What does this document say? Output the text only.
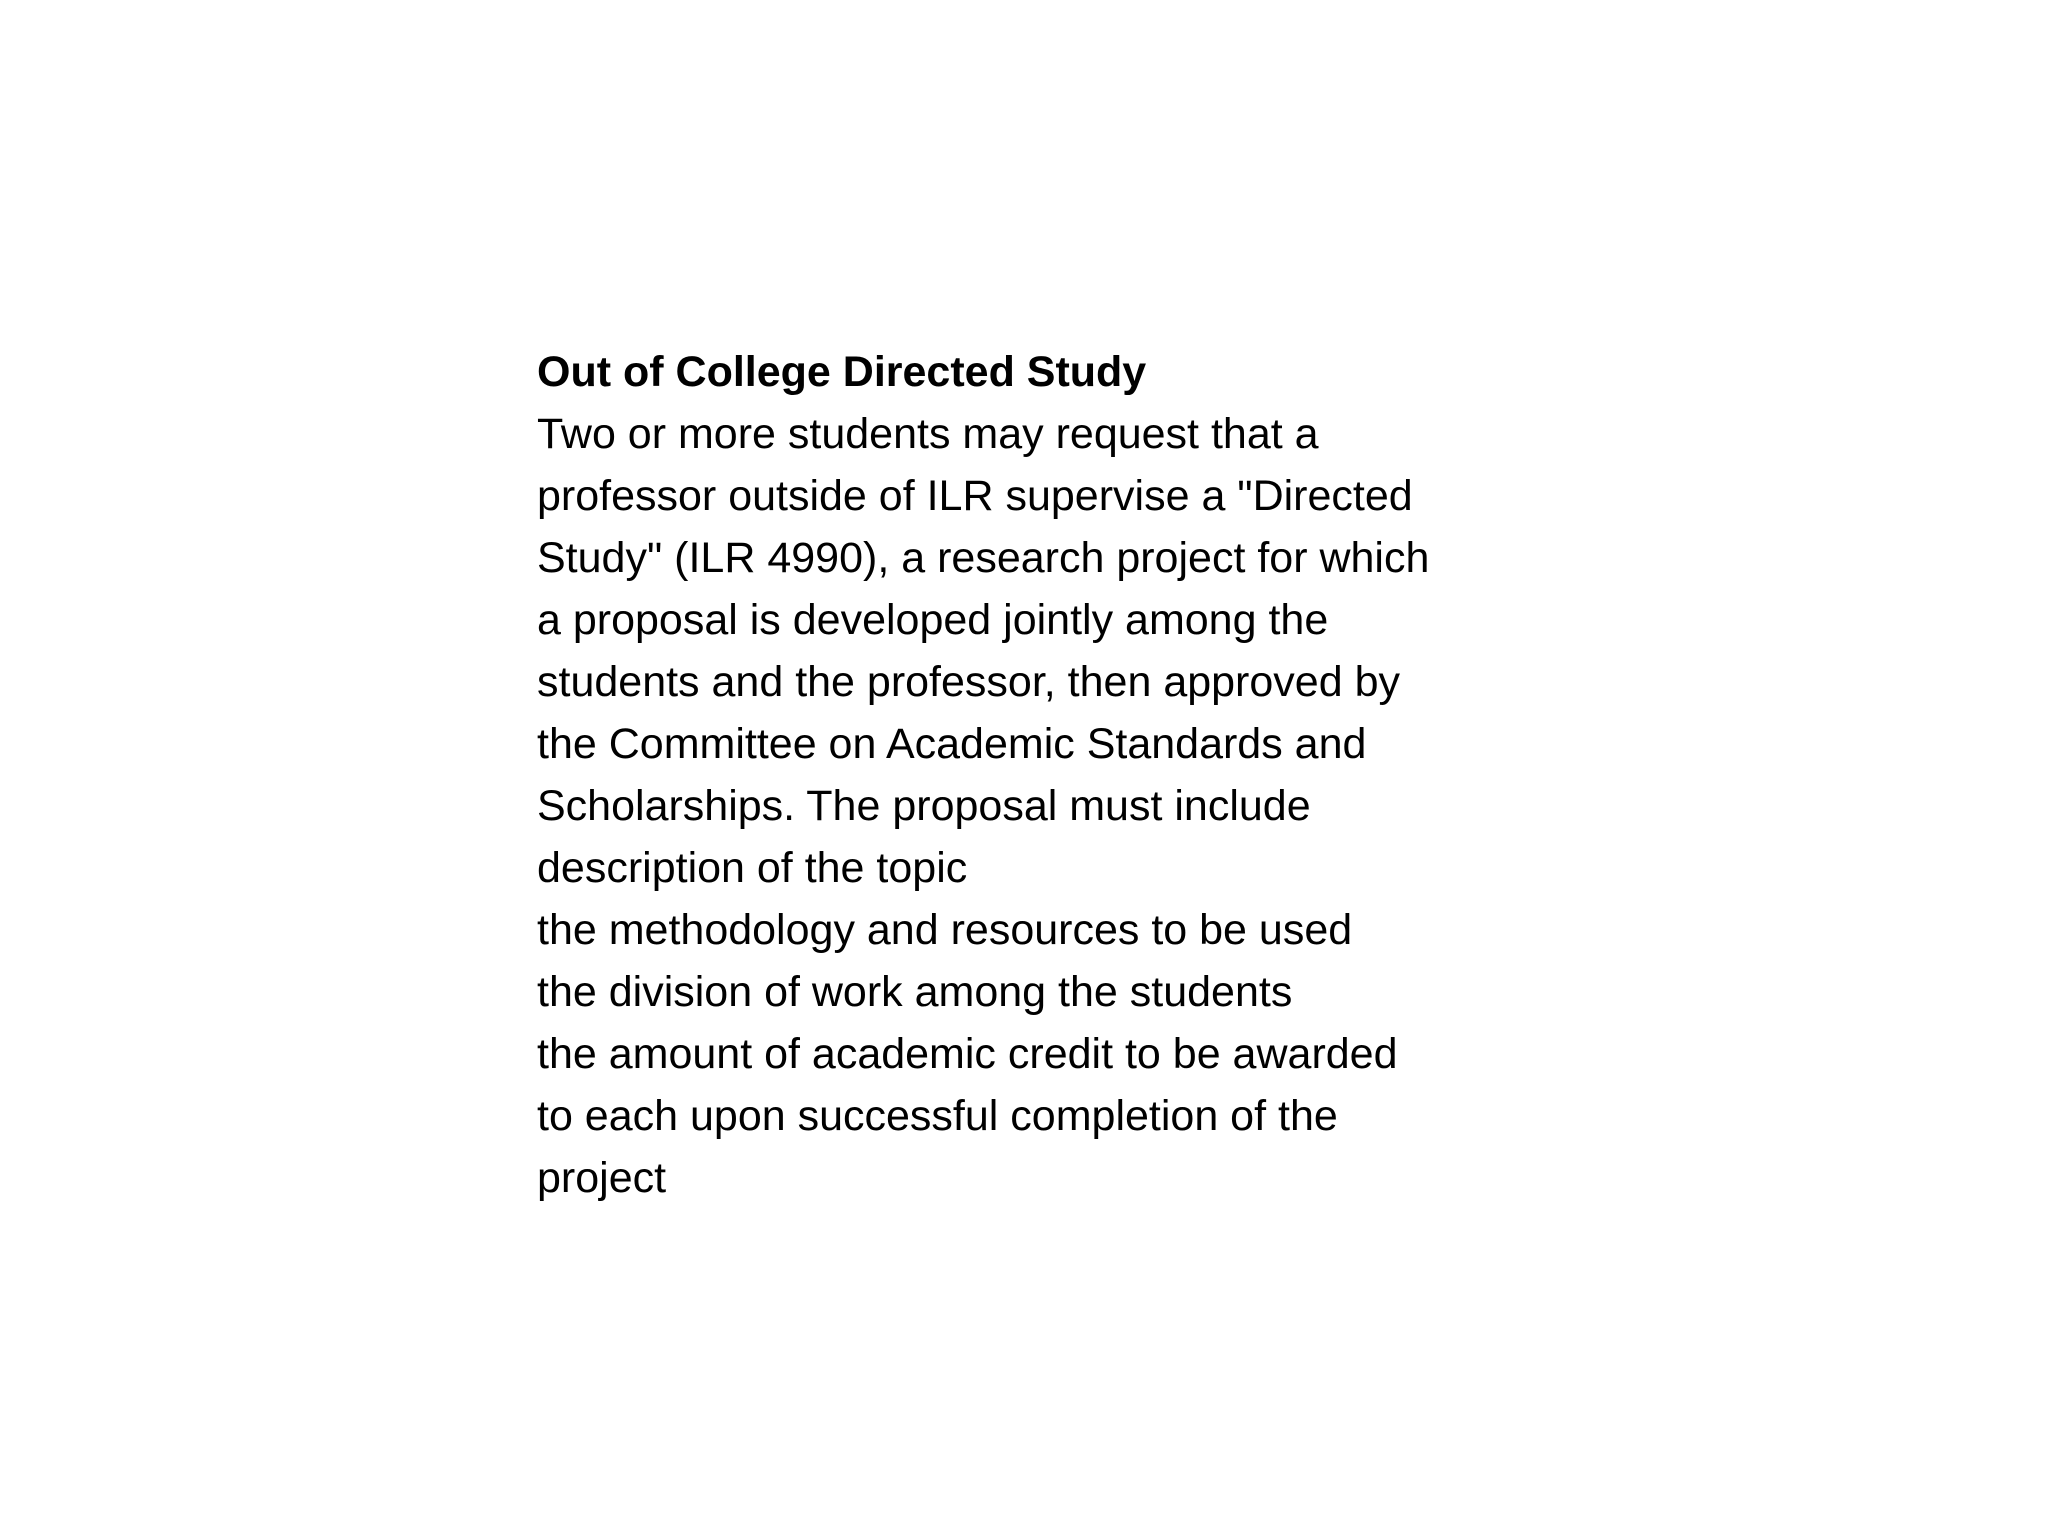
Out of College Directed Study
Two or more students may request that a
professor outside of ILR supervise a "Directed
Study" (ILR 4990), a research project for which
a proposal is developed jointly among the
students and the professor, then approved by
the Committee on Academic Standards and
Scholarships. The proposal must include
description of the topic
the methodology and resources to be used
the division of work among the students
the amount of academic credit to be awarded
to each upon successful completion of the
project
